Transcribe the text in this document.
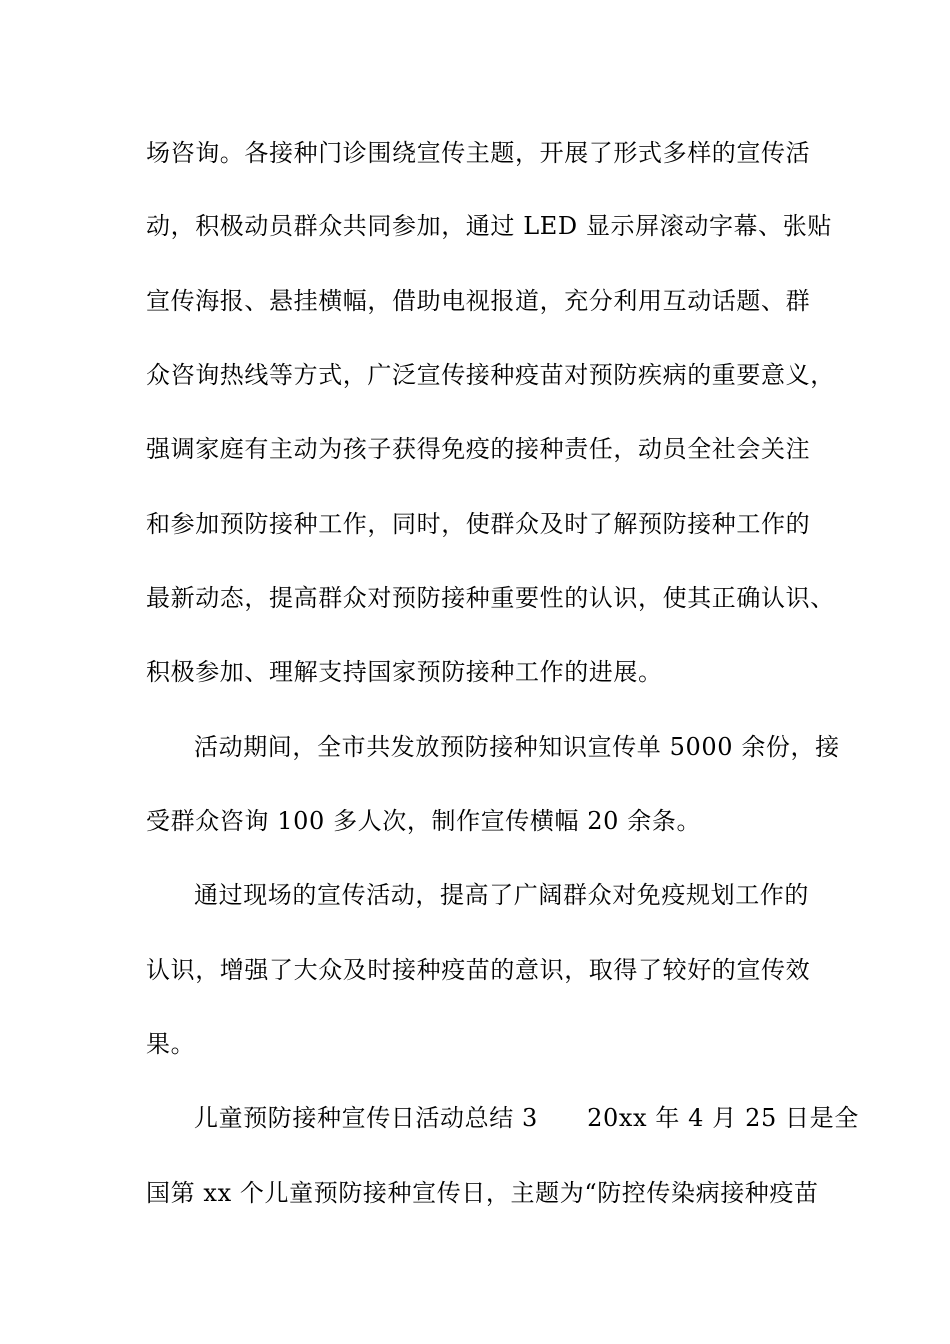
场咨询。各接种门诊围绕宣传主题，开展了形式多样的宣传活
动，积极动员群众共同参加，通过 LED 显示屏滚动字幕、张贴
宣传海报、悬挂横幅，借助电视报道，充分利用互动话题、群
众咨询热线等方式，广泛宣传接种疫苗对预防疾病的重要意义，
强调家庭有主动为孩子获得免疫的接种责任，动员全社会关注
和参加预防接种工作，同时，使群众及时了解预防接种工作的
最新动态，提高群众对预防接种重要性的认识，使其正确认识、
积极参加、理解支持国家预防接种工作的进展。
活动期间，全市共发放预防接种知识宣传单 5000 余份，接
受群众咨询 100 多人次，制作宣传横幅 20 余条。
通过现场的宣传活动，提高了广阔群众对免疫规划工作的
认识，增强了大众及时接种疫苗的意识，取得了较好的宣传效
果。
儿童预防接种宣传日活动总结 3　　20xx 年 4 月 25 日是全
国第 xx 个儿童预防接种宣传日，主题为“防控传染病接种疫苗
